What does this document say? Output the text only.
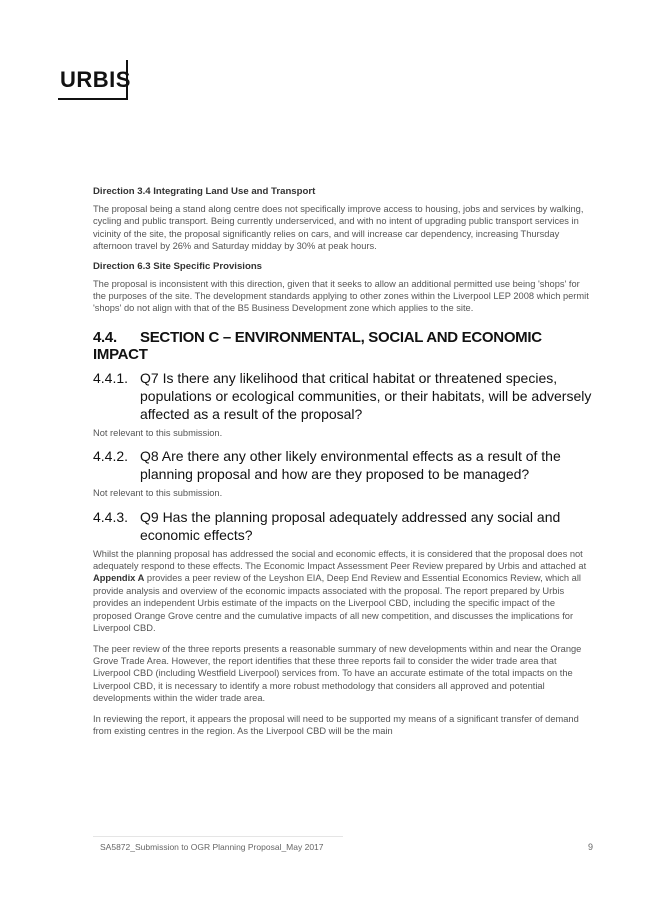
URBIS

Direction 3.4 Integrating Land Use and Transport

The proposal being a stand along centre does not specifically improve access to housing, jobs and services by walking, cycling and public transport. Being currently underserviced, and with no intent of upgrading public transport services in vicinity of the site, the proposal significantly relies on cars, and will increase car dependency, increasing Thursday afternoon travel by 26% and Saturday midday by 30% at peak hours.

Direction 6.3 Site Specific Provisions

The proposal is inconsistent with this direction, given that it seeks to allow an additional permitted use being 'shops' for the purposes of the site. The development standards applying to other zones within the Liverpool LEP 2008 which permit 'shops' do not align with that of the B5 Business Development zone which applies to the site.

4.4. SECTION C – ENVIRONMENTAL, SOCIAL AND ECONOMIC IMPACT
4.4.1. Q7 Is there any likelihood that critical habitat or threatened species, populations or ecological communities, or their habitats, will be adversely affected as a result of the proposal?

Not relevant to this submission.

4.4.2. Q8 Are there any other likely environmental effects as a result of the planning proposal and how are they proposed to be managed?

Not relevant to this submission.

4.4.3. Q9 Has the planning proposal adequately addressed any social and economic effects?

Whilst the planning proposal has addressed the social and economic effects, it is considered that the proposal does not adequately respond to these effects. The Economic Impact Assessment Peer Review prepared by Urbis and attached at Appendix A provides a peer review of the Leyshon EIA, Deep End Review and Essential Economics Review, which all provide analysis and overview of the economic impacts associated with the proposal. The report prepared by Urbis provides an independent Urbis estimate of the impacts on the Liverpool CBD, including the specific impact of the proposed Orange Grove centre and the cumulative impacts of all new competition, and discusses the implications for Liverpool CBD.

The peer review of the three reports presents a reasonable summary of new developments within and near the Orange Grove Trade Area. However, the report identifies that these three reports fail to consider the wider trade area that Liverpool CBD (including Westfield Liverpool) services from. To have an accurate estimate of the total impacts on the Liverpool CBD, it is necessary to identify a more robust methodology that considers all approved and potential developments within the wider trade area.

In reviewing the report, it appears the proposal will need to be supported my means of a significant transfer of demand from existing centres in the region. As the Liverpool CBD will be the main

SA5872_Submission to OGR Planning Proposal_May 2017	9
